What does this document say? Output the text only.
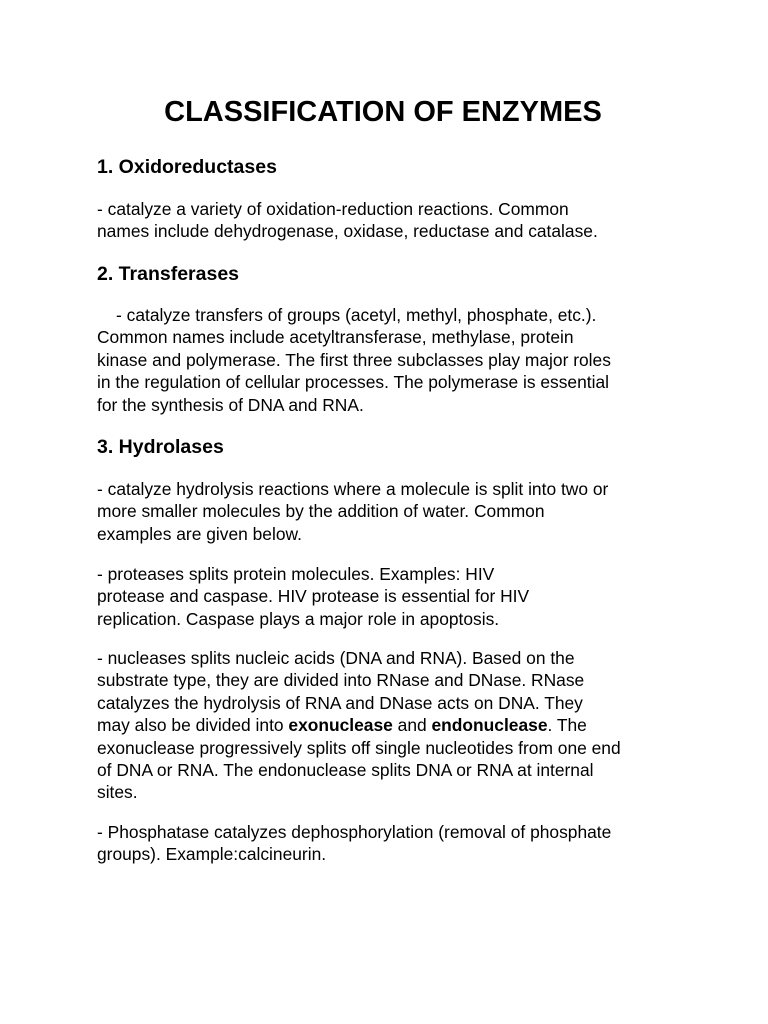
CLASSIFICATION OF ENZYMES
1. Oxidoreductases

- catalyze a variety of oxidation-reduction reactions. Common
names include dehydrogenase, oxidase, reductase and catalase.

2. Transferases

- catalyze transfers of groups (acetyl, methyl, phosphate, etc.).
Common names include acetyltransferase, methylase, protein
kinase and polymerase. The first three subclasses play major roles
in the regulation of cellular processes. The polymerase is essential
for the synthesis of DNA and RNA.

3. Hydrolases

- catalyze hydrolysis reactions where a molecule is split into two or
more smaller molecules by the addition of water. Common
examples are given below.

- proteases splits protein molecules. Examples: HIV
protease and caspase. HIV protease is essential for HIV
replication. Caspase plays a major role in apoptosis.

- nucleases splits nucleic acids (DNA and RNA). Based on the
substrate type, they are divided into RNase and DNase. RNase
catalyzes the hydrolysis of RNA and DNase acts on DNA. They
may also be divided into exonuclease and endonuclease. The
exonuclease progressively splits off single nucleotides from one end
of DNA or RNA. The endonuclease splits DNA or RNA at internal
sites.

- Phosphatase catalyzes dephosphorylation (removal of phosphate
groups). Example:calcineurin.
